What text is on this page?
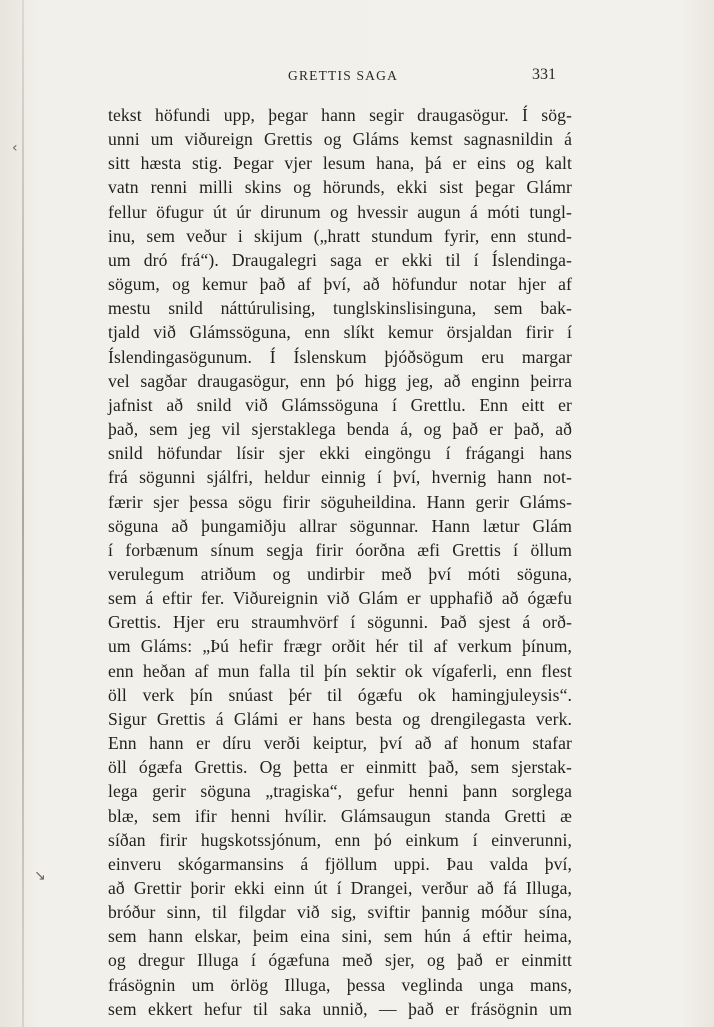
GRETTIS SAGA	331
‹
↘
tekst höfundi upp, þegar hann segir draugasögur. Í sög-
unni um viðureign Grettis og Gláms kemst sagnasnildin á
sitt hæsta stig. Þegar vjer lesum hana, þá er eins og kalt
vatn renni milli skins og hörunds, ekki sist þegar Glámr
fellur öfugur út úr dirunum og hvessir augun á móti tungl-
inu, sem veður i skijum („hratt stundum fyrir, enn stund-
um dró frá“). Draugalegri saga er ekki til í Íslendinga-
sögum, og kemur það af því, að höfundur notar hjer af
mestu snild náttúrulising, tunglskinslisinguna, sem bak-
tjald við Glámssöguna, enn slíkt kemur örsjaldan firir í
Íslendingasögunum. Í Íslenskum þjóðsögum eru margar
vel sagðar draugasögur, enn þó higg jeg, að enginn þeirra
jafnist að snild við Glámssöguna í Grettlu. Enn eitt er
það, sem jeg vil sjerstaklega benda á, og það er það, að
snild höfundar lísir sjer ekki eingöngu í frágangi hans
frá sögunni sjálfri, heldur einnig í því, hvernig hann not-
færir sjer þessa sögu firir söguheildina. Hann gerir Gláms-
söguna að þungamiðju allrar sögunnar. Hann lætur Glám
í forbænum sínum segja firir óorðna æfi Grettis í öllum
verulegum atriðum og undirbir með því móti söguna,
sem á eftir fer. Viðureignin við Glám er upphafið að ógæfu
Grettis. Hjer eru straumhvörf í sögunni. Það sjest á orð-
um Gláms: „Þú hefir frægr orðit hér til af verkum þínum,
enn heðan af mun falla til þín sektir ok vígaferli, enn flest
öll verk þín snúast þér til ógæfu ok hamingjuleysis“.
Sigur Grettis á Glámi er hans besta og drengilegasta verk.
Enn hann er díru verði keiptur, því að af honum stafar
öll ógæfa Grettis. Og þetta er einmitt það, sem sjerstak-
lega gerir söguna „tragiska“, gefur henni þann sorglega
blæ, sem ifir henni hvílir. Glámsaugun standa Gretti æ
síðan firir hugskotssjónum, enn þó einkum í einverunni,
einveru skógarmansins á fjöllum uppi. Þau valda því,
að Grettir þorir ekki einn út í Drangei, verður að fá Illuga,
bróður sinn, til filgdar við sig, sviftir þannig móður sína,
sem hann elskar, þeim eina sini, sem hún á eftir heima,
og dregur Illuga í ógæfuna með sjer, og það er einmitt
frásögnin um örlög Illuga, þessa veglinda unga mans,
sem ekkert hefur til saka unnið, — það er frásögnin um
